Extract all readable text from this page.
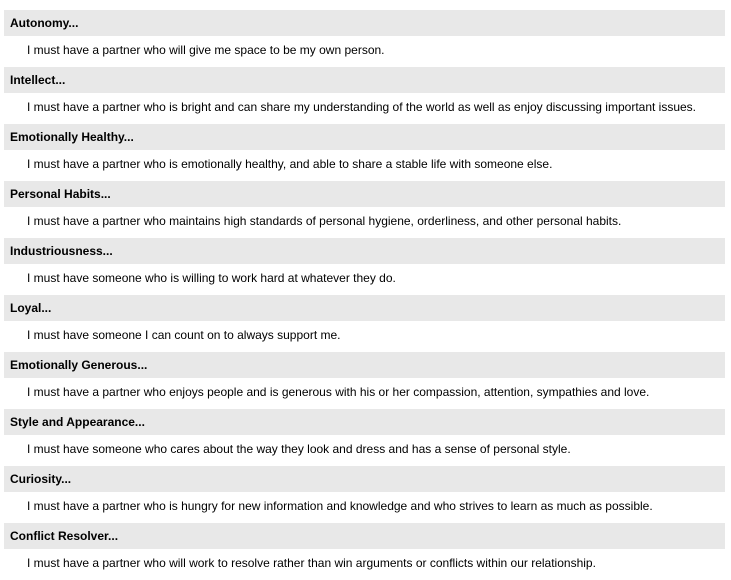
Autonomy...
I must have a partner who will give me space to be my own person.
Intellect...
I must have a partner who is bright and can share my understanding of the world as well as enjoy discussing important issues.
Emotionally Healthy...
I must have a partner who is emotionally healthy, and able to share a stable life with someone else.
Personal Habits...
I must have a partner who maintains high standards of personal hygiene, orderliness, and other personal habits.
Industriousness...
I must have someone who is willing to work hard at whatever they do.
Loyal...
I must have someone I can count on to always support me.
Emotionally Generous...
I must have a partner who enjoys people and is generous with his or her compassion, attention, sympathies and love.
Style and Appearance...
I must have someone who cares about the way they look and dress and has a sense of personal style.
Curiosity...
I must have a partner who is hungry for new information and knowledge and who strives to learn as much as possible.
Conflict Resolver...
I must have a partner who will work to resolve rather than win arguments or conflicts within our relationship.
